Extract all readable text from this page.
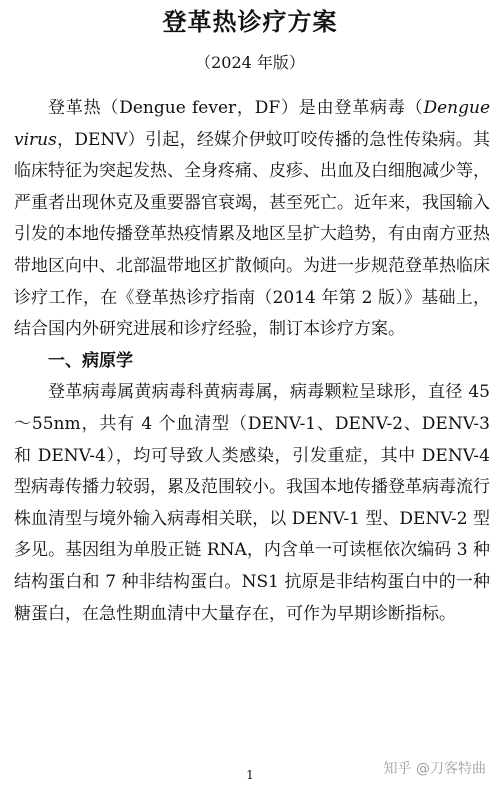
登革热诊疗方案
（2024 年版）

登革热（Dengue fever，DF）是由登革病毒（Dengue virus，DENV）引起，经媒介伊蚊叮咬传播的急性传染病。其临床特征为突起发热、全身疼痛、皮疹、出血及白细胞减少等，严重者出现休克及重要器官衰竭，甚至死亡。近年来，我国输入引发的本地传播登革热疫情累及地区呈扩大趋势，有由南方亚热带地区向中、北部温带地区扩散倾向。为进一步规范登革热临床诊疗工作，在《登革热诊疗指南（2014 年第 2 版）》基础上，结合国内外研究进展和诊疗经验，制订本诊疗方案。

一、病原学

登革病毒属黄病毒科黄病毒属，病毒颗粒呈球形，直径 45～55nm，共有 4 个血清型（DENV-1、DENV-2、DENV-3 和 DENV-4），均可导致人类感染，引发重症，其中 DENV-4 型病毒传播力较弱，累及范围较小。我国本地传播登革病毒流行株血清型与境外输入病毒相关联，以 DENV-1 型、DENV-2 型多见。基因组为单股正链 RNA，内含单一可读框依次编码 3 种结构蛋白和 7 种非结构蛋白。NS1 抗原是非结构蛋白中的一种糖蛋白，在急性期血清中大量存在，可作为早期诊断指标。

1	知乎 @刀客特曲
